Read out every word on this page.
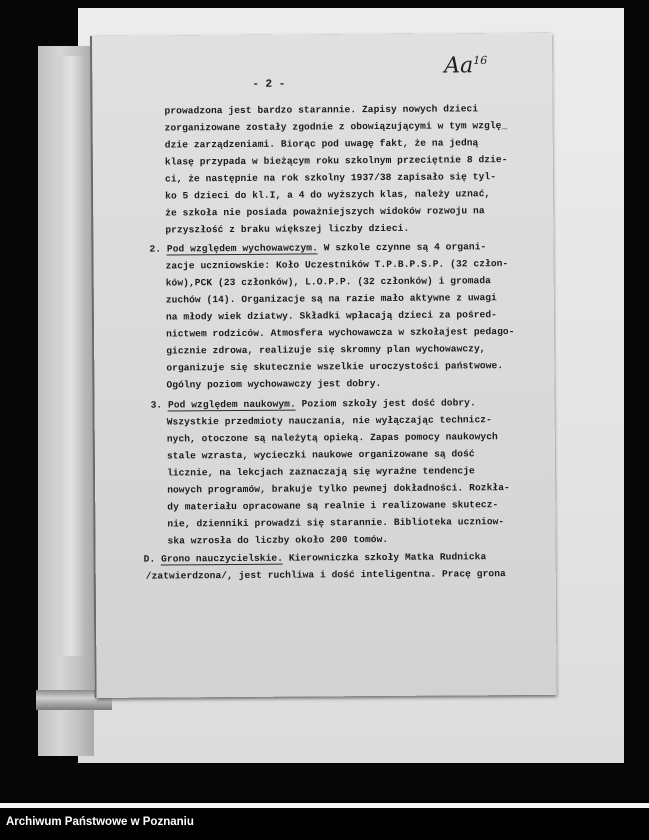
- 2 -
Aa$^{16}$
prowadzona jest bardzo starannie. Zapisy nowych dzieci
zorganizowane zostały zgodnie z obowiązującymi w tym wzglę_
dzie zarządzeniami. Biorąc pod uwagę fakt, że na jedną
klasę przypada w bieżącym roku szkolnym przeciętnie 8 dzie-
ci, że następnie na rok szkolny 1937/38 zapisało się tyl-
ko 5 dzieci do kl.I, a 4 do wyższych klas, należy uznać,
że szkoła nie posiada poważniejszych widoków rozwoju na
przyszłość z braku większej liczby dzieci.
2. Pod względem wychowawczym. W szkole czynne są 4 organi-
zacje uczniowskie: Koło Uczestników T.P.B.P.S.P. (32 człon-
ków),PCK (23 członków), L.O.P.P. (32 członków) i gromada
zuchów (14). Organizacje są na razie mało aktywne z uwagi
na młody wiek dziatwy. Składki wpłacają dzieci za pośred-
nictwem rodziców. Atmosfera wychowawcza w szkołajest pedago-
gicznie zdrowa, realizuje się skromny plan wychowawczy,
organizuje się skutecznie wszelkie uroczystości państwowe.
Ogólny poziom wychowawczy jest dobry.
3. Pod względem naukowym. Poziom szkoły jest dość dobry.
Wszystkie przedmioty nauczania, nie wyłączając technicz-
nych, otoczone są należytą opieką. Zapas pomocy naukowych
stale wzrasta, wycieczki naukowe organizowane są dość
licznie, na lekcjach zaznaczają się wyraźne tendencje
nowych programów, brakuje tylko pewnej dokładności. Rozkła-
dy materiału opracowane są realnie i realizowane skutecz-
nie, dzienniki prowadzi się starannie. Biblioteka uczniow-
ska wzrosła do liczby około 200 tomów.
D. Grono nauczycielskie. Kierowniczka szkoły Matka Rudnicka
/zatwierdzona/, jest ruchliwa i dość inteligentna. Pracę grona
Archiwum Państwowe w Poznaniu
